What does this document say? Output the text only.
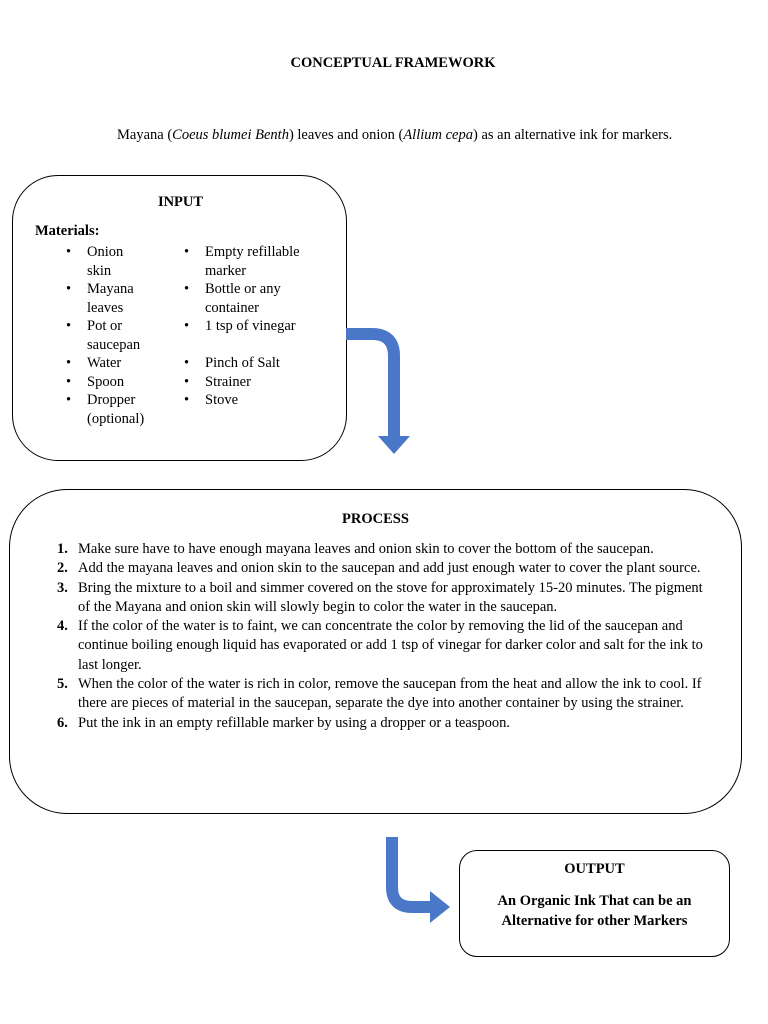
CONCEPTUAL FRAMEWORK
Mayana (Coeus blumei Benth) leaves and onion (Allium cepa) as an alternative ink for markers.
INPUT
Materials:
• Onion skin
• Mayana leaves
• Pot or saucepan
• Water
• Spoon
• Dropper (optional)
• Empty refillable marker
• Bottle or any container
• 1 tsp of vinegar
• Pinch of Salt
• Strainer
• Stove
PROCESS
1. Make sure have to have enough mayana leaves and onion skin to cover the bottom of the saucepan.
2. Add the mayana leaves and onion skin to the saucepan and add just enough water to cover the plant source.
3. Bring the mixture to a boil and simmer covered on the stove for approximately 15-20 minutes. The pigment of the Mayana and onion skin will slowly begin to color the water in the saucepan.
4. If the color of the water is to faint, we can concentrate the color by removing the lid of the saucepan and continue boiling enough liquid has evaporated or add 1 tsp of vinegar for darker color and salt for the ink to last longer.
5. When the color of the water is rich in color, remove the saucepan from the heat and allow the ink to cool. If there are pieces of material in the saucepan, separate the dye into another container by using the strainer.
6. Put the ink in an empty refillable marker by using a dropper or a teaspoon.
OUTPUT
An Organic Ink That can be an Alternative for other Markers
